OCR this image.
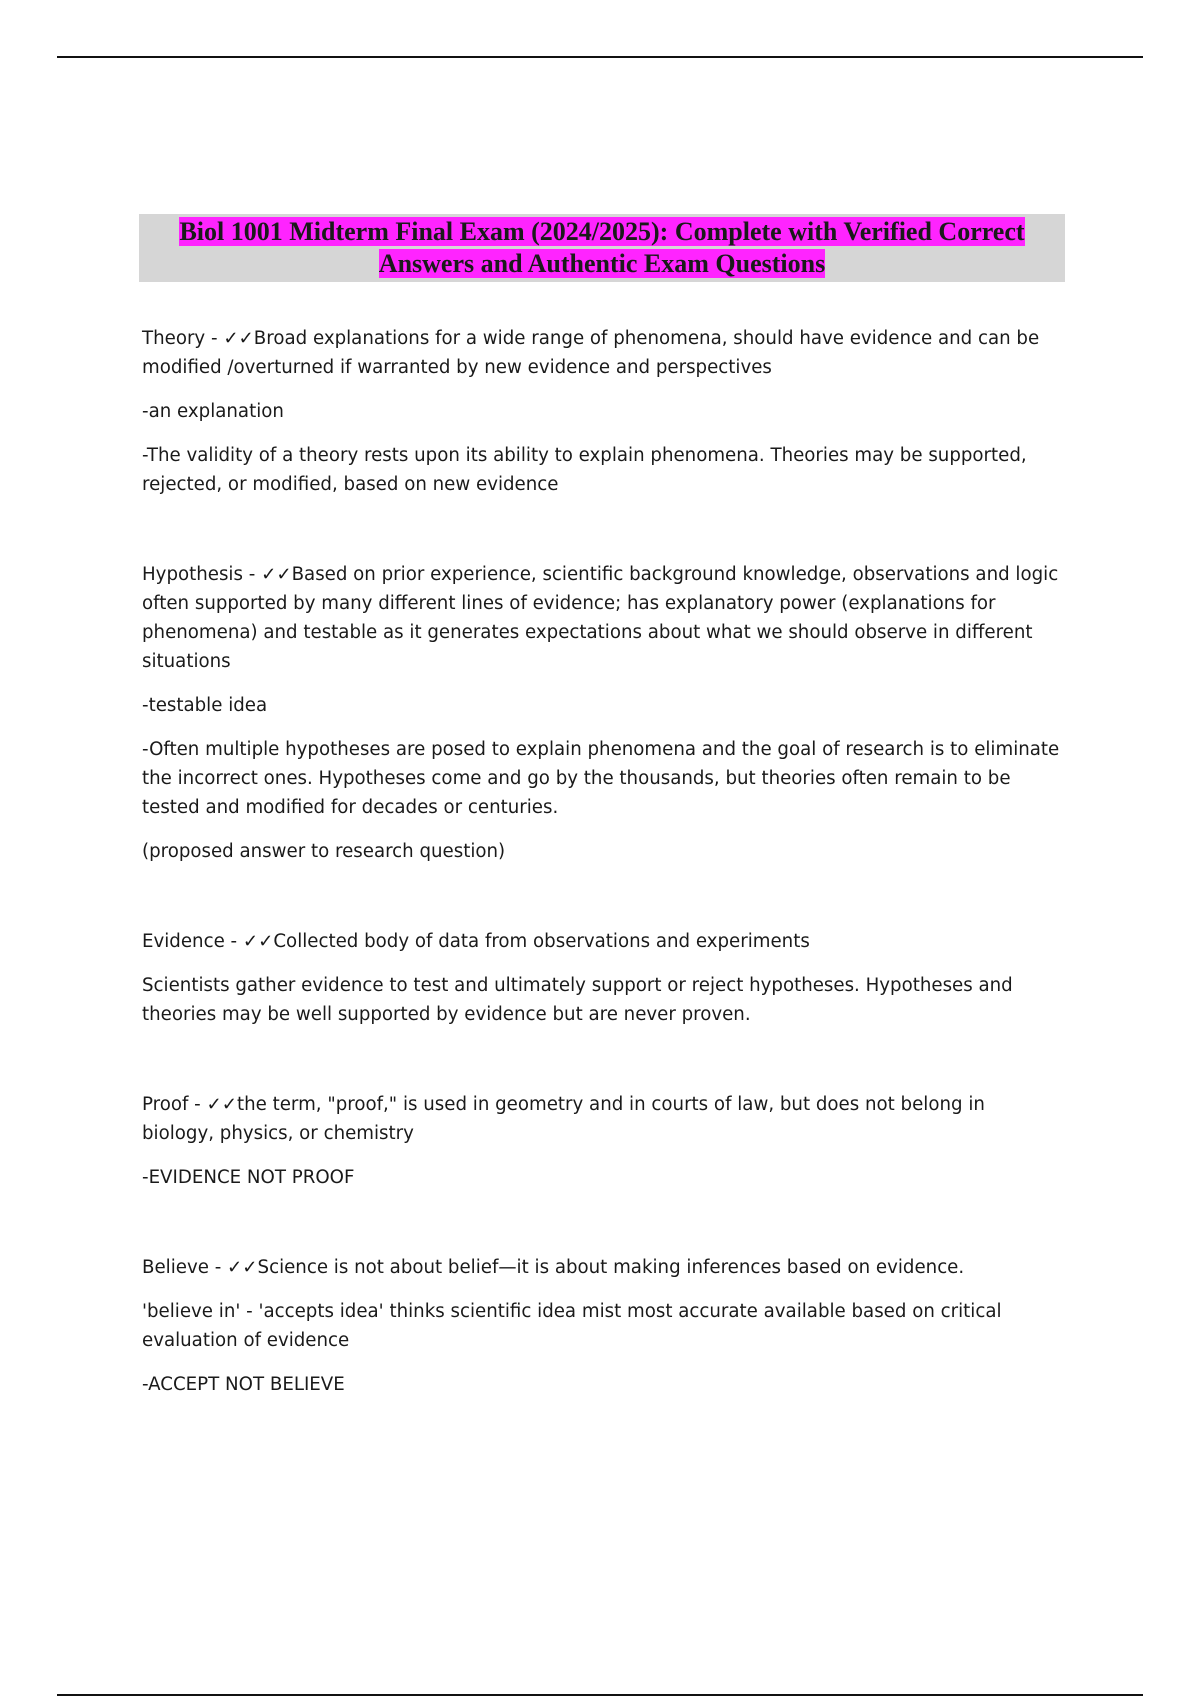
Biol 1001 Midterm Final Exam (2024/2025): Complete with Verified Correct
Answers and Authentic Exam Questions

Theory - ✓✓Broad explanations for a wide range of phenomena, should have evidence and can be modified /overturned if warranted by new evidence and perspectives

-an explanation

-The validity of a theory rests upon its ability to explain phenomena. Theories may be supported, rejected, or modified, based on new evidence

Hypothesis - ✓✓Based on prior experience, scientific background knowledge, observations and logic often supported by many different lines of evidence; has explanatory power (explanations for phenomena) and testable as it generates expectations about what we should observe in different situations

-testable idea

-Often multiple hypotheses are posed to explain phenomena and the goal of research is to eliminate the incorrect ones. Hypotheses come and go by the thousands, but theories often remain to be tested and modified for decades or centuries.

(proposed answer to research question)

Evidence - ✓✓Collected body of data from observations and experiments

Scientists gather evidence to test and ultimately support or reject hypotheses. Hypotheses and theories may be well supported by evidence but are never proven.

Proof - ✓✓the term, "proof," is used in geometry and in courts of law, but does not belong in biology, physics, or chemistry

-EVIDENCE NOT PROOF

Believe - ✓✓Science is not about belief—it is about making inferences based on evidence.

'believe in' - 'accepts idea' thinks scientific idea mist most accurate available based on critical evaluation of evidence

-ACCEPT NOT BELIEVE
